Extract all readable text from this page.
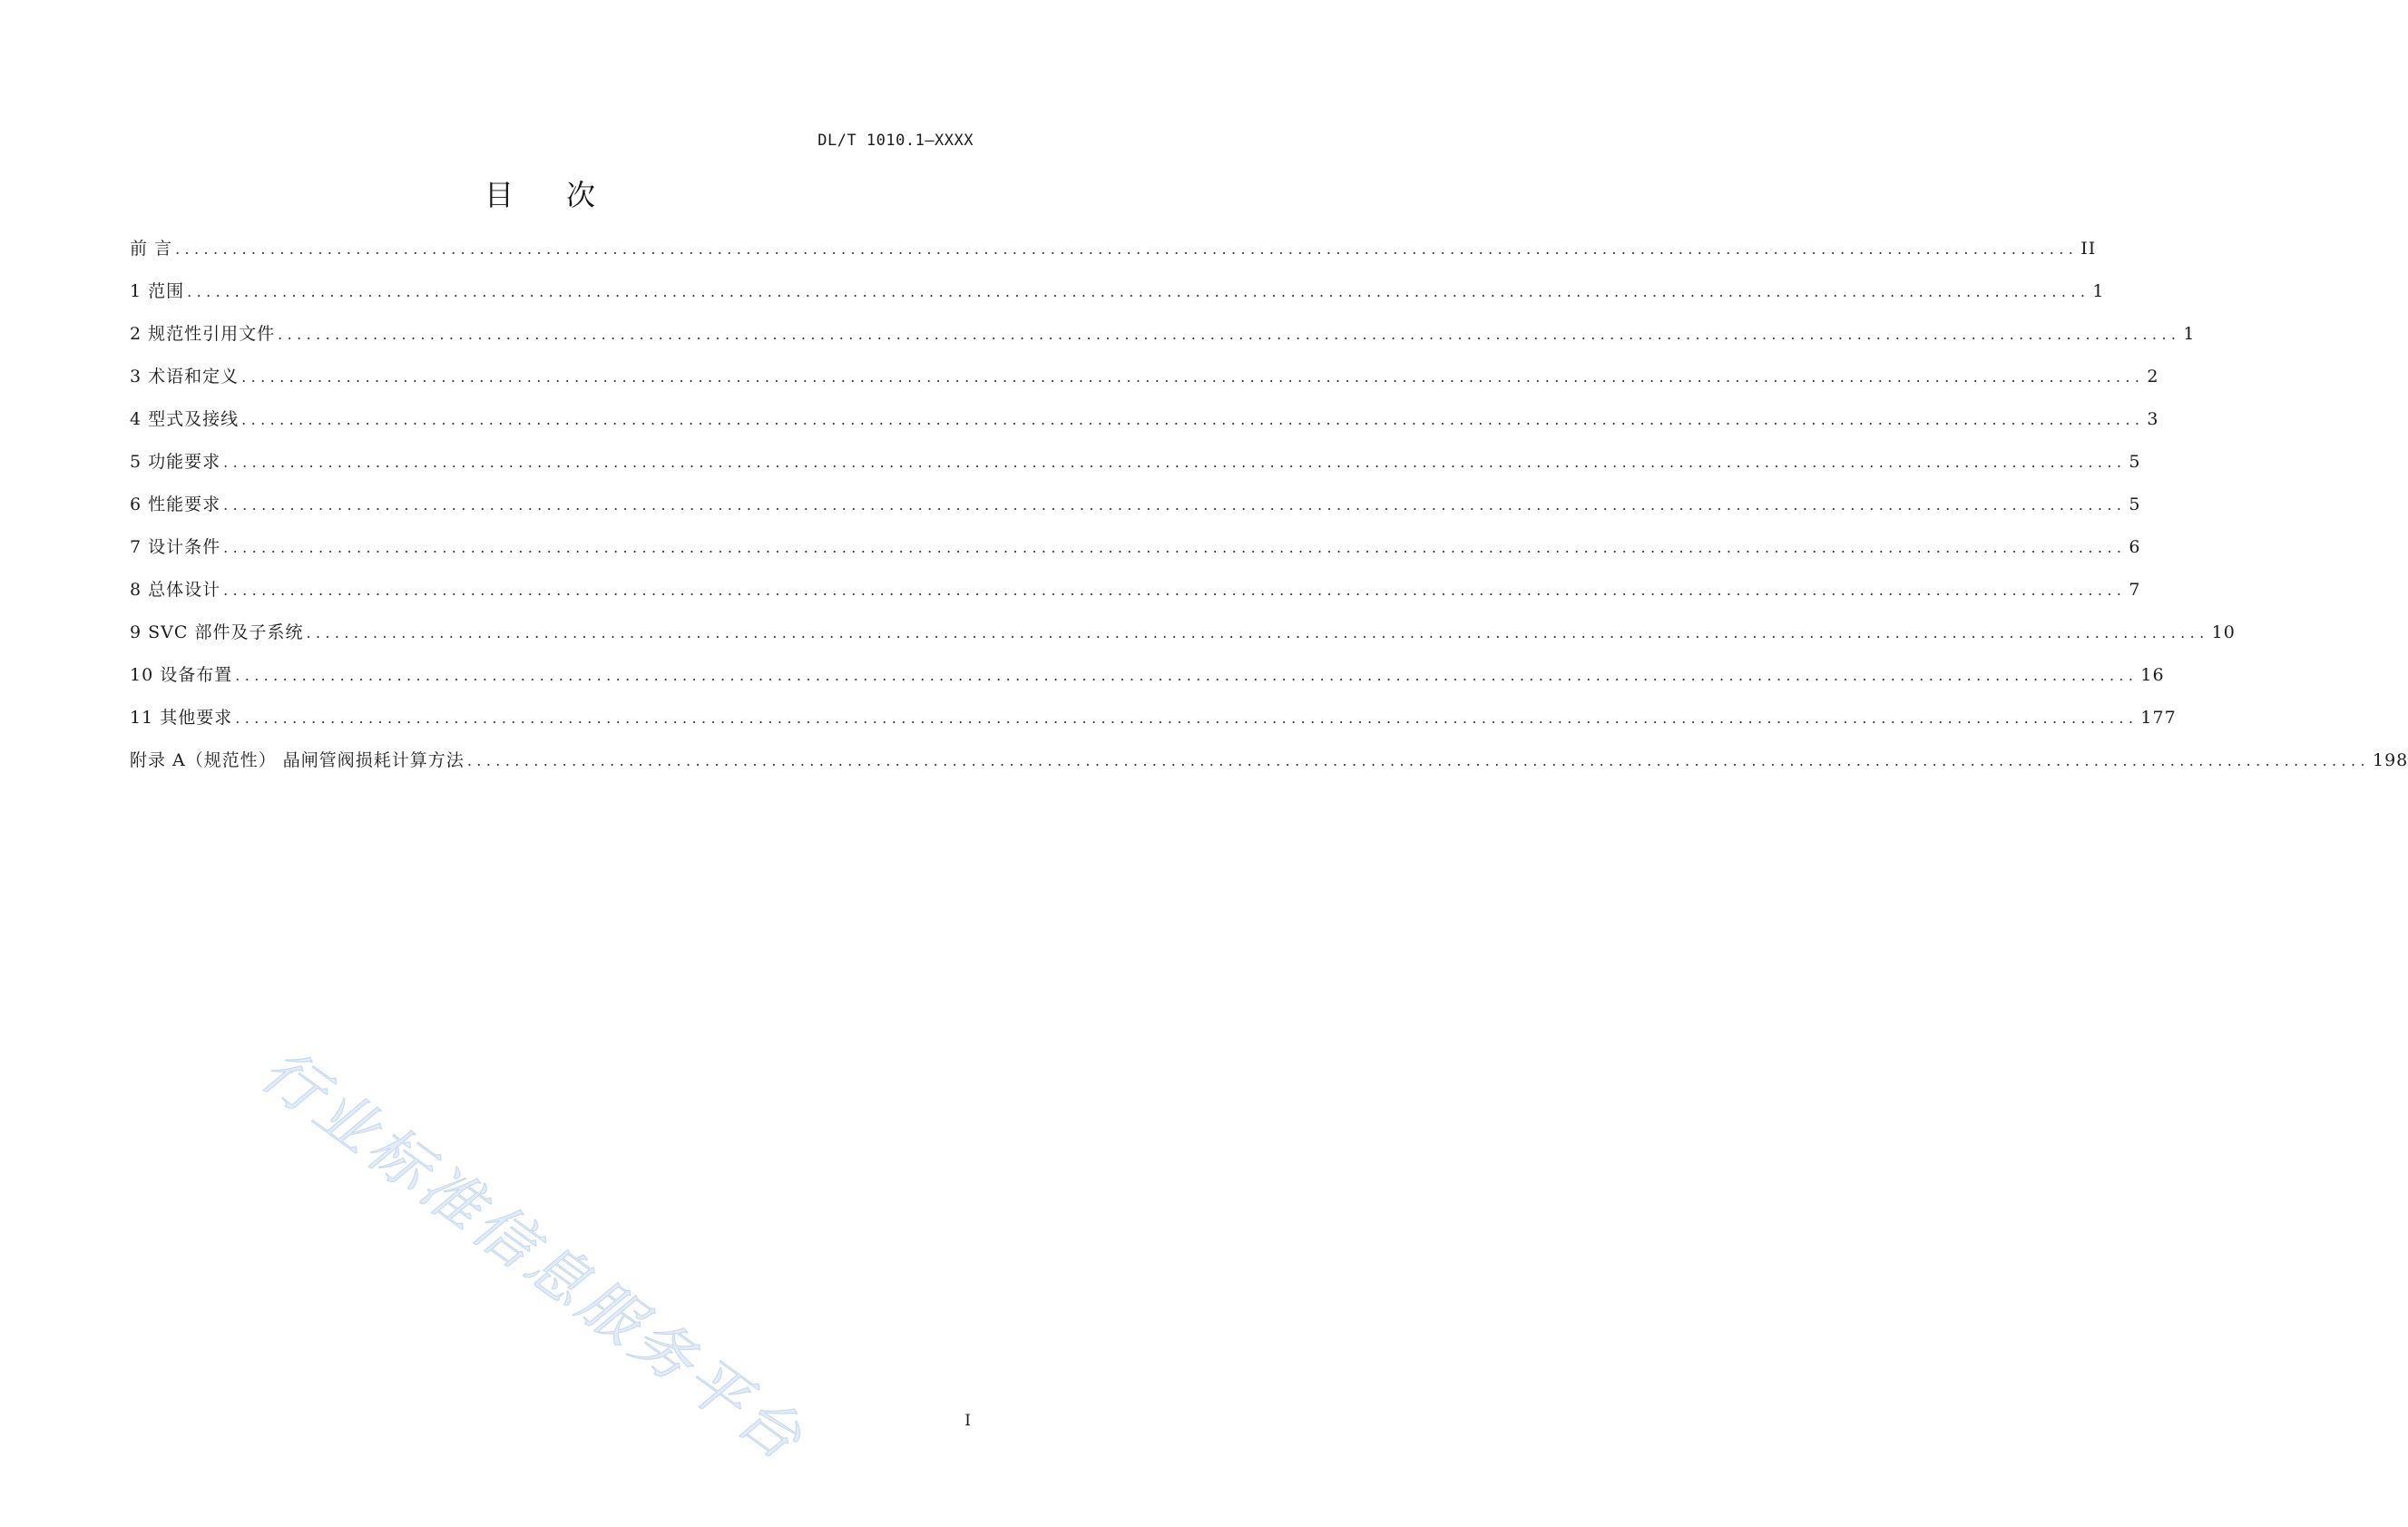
DL/T 1010.1—XXXX
目次
前 言 ........................................................................................................................................................................................................ II
1 范围 ........................................................................................................................................................................................................ 1
2 规范性引用文件 ........................................................................................................................................................................................................ 1
3 术语和定义 ........................................................................................................................................................................................................ 2
4 型式及接线 ........................................................................................................................................................................................................ 3
5 功能要求 ........................................................................................................................................................................................................ 5
6 性能要求 ........................................................................................................................................................................................................ 5
7 设计条件 ........................................................................................................................................................................................................ 6
8 总体设计 ........................................................................................................................................................................................................ 7
9 SVC 部件及子系统 ........................................................................................................................................................................................................ 10
10 设备布置 ........................................................................................................................................................................................................ 16
11 其他要求 ........................................................................................................................................................................................................ 177
附录 A（规范性） 晶闸管阀损耗计算方法 ........................................................................................................................................................................................................ 198
行业标准信息服务平台	I
